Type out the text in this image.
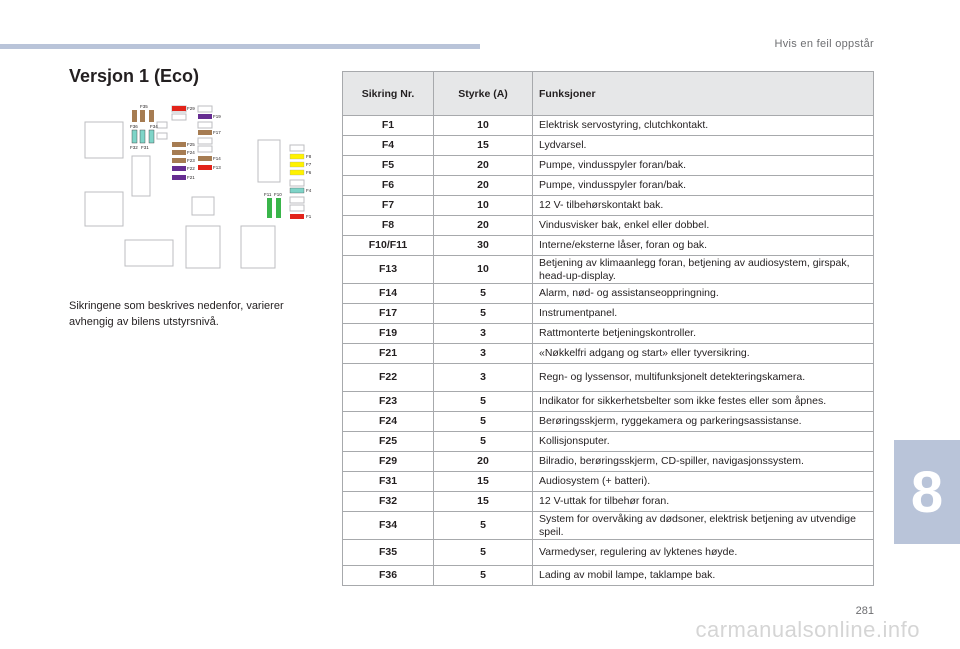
Hvis en feil oppstår
Versjon 1 (Eco)
F35
F36	F34
F32 F31
F29
F19
F17
F25
F24
F23
F22
F21
F14
F13
F11 F10
F8
F7
F6
F4
F1

Sikringene som beskrives nedenfor, varierer avhengig av bilens utstyrsnivå.

Sikring Nr.	Styrke (A)	Funksjoner
F1	10	Elektrisk servostyring, clutchkontakt.
F4	15	Lydvarsel.
F5	20	Pumpe, vindusspyler foran/bak.
F6	20	Pumpe, vindusspyler foran/bak.
F7	10	12 V- tilbehørskontakt bak.
F8	20	Vindusvisker bak, enkel eller dobbel.
F10/F11	30	Interne/eksterne låser, foran og bak.
F13	10	Betjening av klimaanlegg foran, betjening av audiosystem, girspak, head-up-display.
F14	5	Alarm, nød- og assistanseoppringning.
F17	5	Instrumentpanel.
F19	3	Rattmonterte betjeningskontroller.
F21	3	«Nøkkelfri adgang og start» eller tyversikring.
F22	3	Regn- og lyssensor, multifunksjonelt detekteringskamera.
F23	5	Indikator for sikkerhetsbelter som ikke festes eller som åpnes.
F24	5	Berøringsskjerm, ryggekamera og parkeringsassistanse.
F25	5	Kollisjonsputer.
F29	20	Bilradio, berøringsskjerm, CD-spiller, navigasjonssystem.
F31	15	Audiosystem (+ batteri).
F32	15	12 V-uttak for tilbehør foran.
F34	5	System for overvåking av dødsoner, elektrisk betjening av utvendige speil.
F35	5	Varmedyser, regulering av lyktenes høyde.
F36	5	Lading av mobil lampe, taklampe bak.
8
281
carmanualsonline.info
